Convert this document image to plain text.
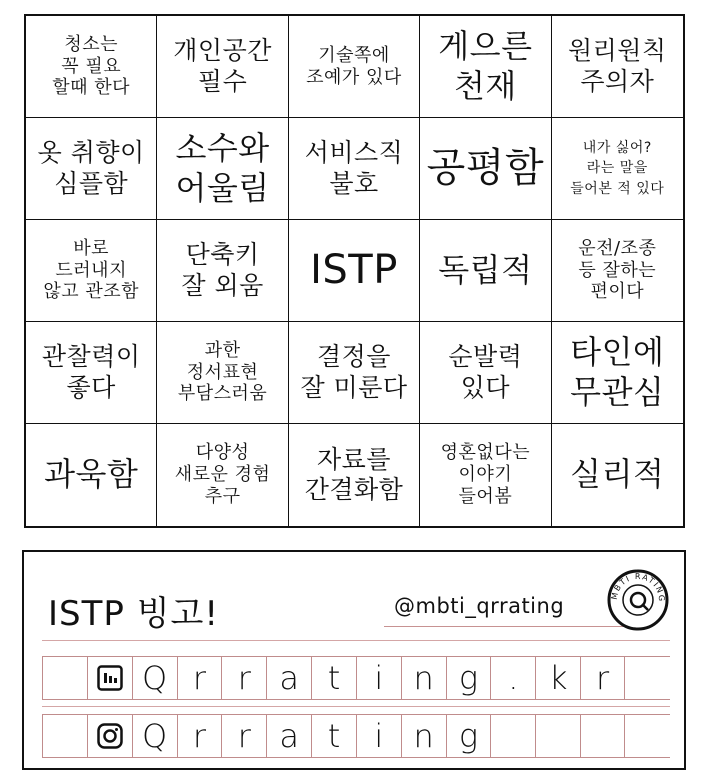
청소는
꼭 필요
할때 한다
개인공간
필수
기술쪽에
조예가 있다
게으른
천재
원리원칙
주의자
옷 취향이
심플함
소수와
어울림
서비스직
불호	공평함	내가 싫어?
라는 말을
들어본 적 있다
바로
드러내지
않고 관조함
단축키
잘 외움	ISTP	독립적
운전/조종
등 잘하는
편이다
관찰력이
좋다
과한
정서표현
부담스러움
결정을
잘 미룬다
순발력
있다
타인에
무관심
과욱함
다양성
새로운 경험
추구
자료를
간결화함
영혼없다는
이야기
들어봄
실리적
ISTP 빙고!	@mbti_qrrating	MBTI RATING
Q r r a t	i n g . k r
Q r r a t	i n g
